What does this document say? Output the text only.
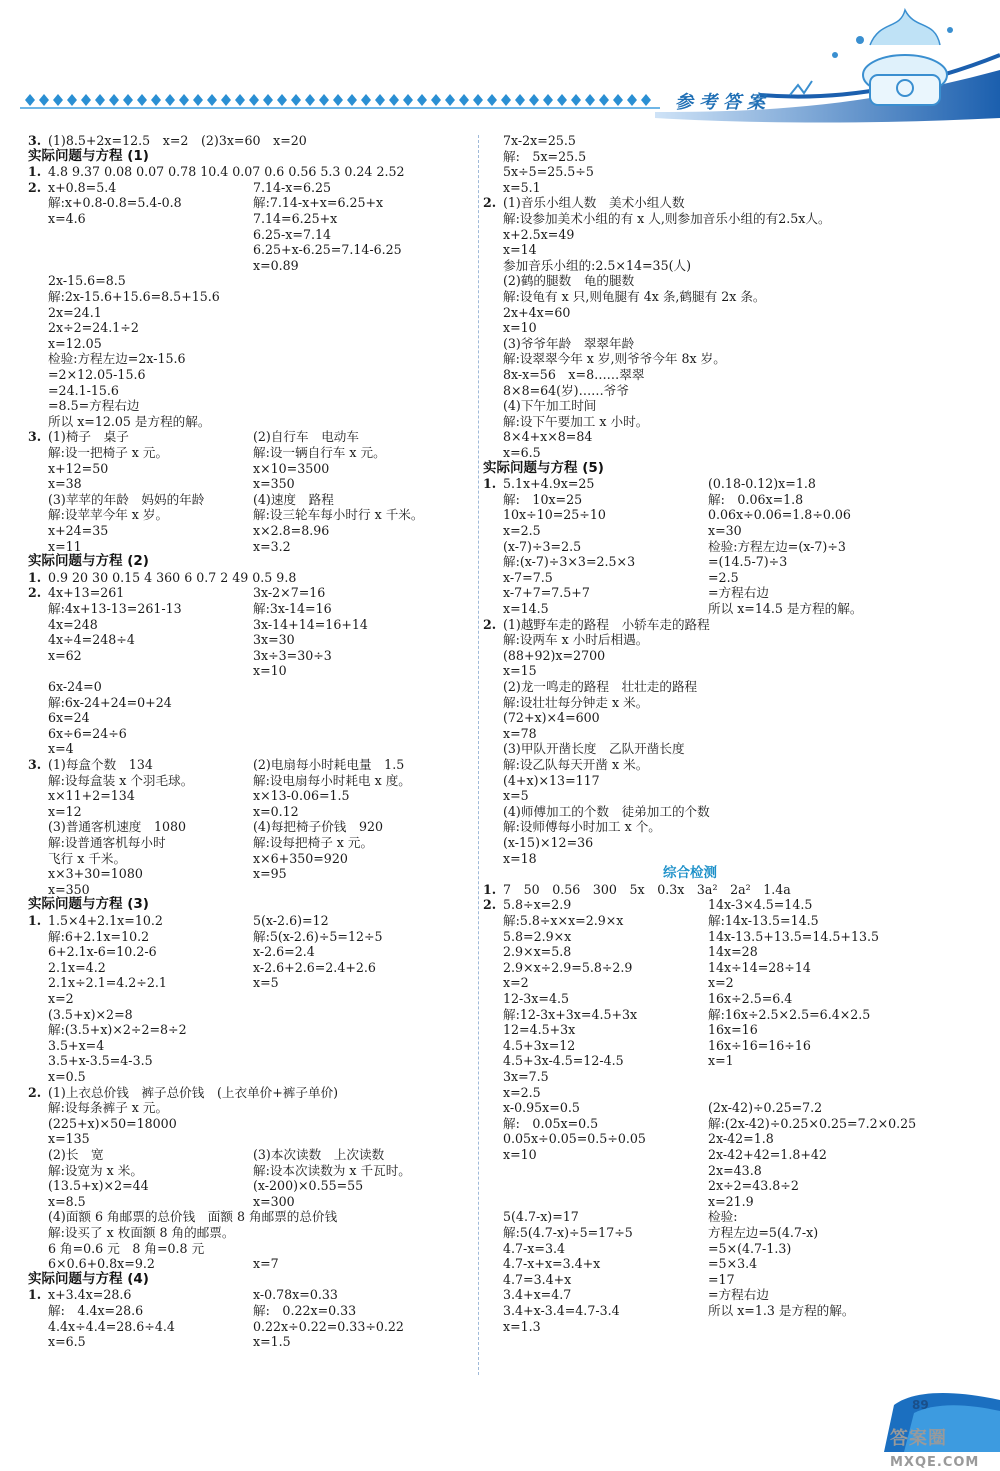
参考答案
3. (1)8.5+2x=12.5　x=2　(2)3x=60　x=20
实际问题与方程 (1)
1. 4.8 9.37 0.08 0.07 0.78 10.4 0.07 0.6 0.56 5.3 0.24 2.52
2. x+0.8=5.4	7.14-x=6.25
解:x+0.8-0.8=5.4-0.8	解:7.14-x+x=6.25+x
x=4.6	7.14=6.25+x
6.25-x=7.14
6.25+x-6.25=7.14-6.25
x=0.89
2x-15.6=8.5
解:2x-15.6+15.6=8.5+15.6
2x=24.1
2x÷2=24.1÷2
x=12.05
检验:方程左边=2x-15.6
=2×12.05-15.6
=24.1-15.6
=8.5=方程右边
所以 x=12.05 是方程的解。
3. (1)椅子　桌子	(2)自行车　电动车
解:设一把椅子 x 元。	解:设一辆自行车 x 元。
x+12=50	x×10=3500
x=38	x=350
(3)苹苹的年龄　妈妈的年龄	(4)速度　路程
解:设苹苹今年 x 岁。	解:设三轮车每小时行 x 千米。
x+24=35	x×2.8=8.96
x=11	x=3.2
实际问题与方程 (2)
1. 0.9 20 30 0.15 4 360 6 0.7 2 49 0.5 9.8
2. 4x+13=261	3x-2×7=16
解:4x+13-13=261-13	解:3x-14=16
4x=248	3x-14+14=16+14
4x÷4=248÷4	3x=30
x=62	3x÷3=30÷3
x=10
6x-24=0
解:6x-24+24=0+24
6x=24
6x÷6=24÷6
x=4
3. (1)每盒个数　134	(2)电扇每小时耗电量　1.5
解:设每盒装 x 个羽毛球。	解:设电扇每小时耗电 x 度。
x×11+2=134	x×13-0.06=1.5
x=12	x=0.12
(3)普通客机速度　1080	(4)每把椅子价钱　920
解:设普通客机每小时	解:设每把椅子 x 元。
飞行 x 千米。	x×6+350=920
x×3+30=1080	x=95
x=350
实际问题与方程 (3)
1. 1.5×4+2.1x=10.2	5(x-2.6)=12
解:6+2.1x=10.2	解:5(x-2.6)÷5=12÷5
6+2.1x-6=10.2-6	x-2.6=2.4
2.1x=4.2	x-2.6+2.6=2.4+2.6
2.1x÷2.1=4.2÷2.1	x=5
x=2
(3.5+x)×2=8
解:(3.5+x)×2÷2=8÷2
3.5+x=4
3.5+x-3.5=4-3.5
x=0.5
2. (1)上衣总价钱　裤子总价钱　(上衣单价+裤子单价)
解:设每条裤子 x 元。
(225+x)×50=18000
x=135
(2)长　宽	(3)本次读数　上次读数
解:设宽为 x 米。	解:设本次读数为 x 千瓦时。
(13.5+x)×2=44	(x-200)×0.55=55
x=8.5	x=300
(4)面额 6 角邮票的总价钱　面额 8 角邮票的总价钱
解:设买了 x 枚面额 8 角的邮票。
6 角=0.6 元　8 角=0.8 元
6×0.6+0.8x=9.2	x=7
实际问题与方程 (4)
1. x+3.4x=28.6	x-0.78x=0.33
解:　4.4x=28.6	解:　0.22x=0.33
4.4x÷4.4=28.6÷4.4	0.22x÷0.22=0.33÷0.22
x=6.5	x=1.5
7x-2x=25.5
解:　5x=25.5
5x÷5=25.5÷5
x=5.1
2. (1)音乐小组人数　美术小组人数
解:设参加美术小组的有 x 人,则参加音乐小组的有2.5x人。
x+2.5x=49
x=14
参加音乐小组的:2.5×14=35(人)
(2)鹤的腿数　龟的腿数
解:设龟有 x 只,则龟腿有 4x 条,鹤腿有 2x 条。
2x+4x=60
x=10
(3)爷爷年龄　翠翠年龄
解:设翠翠今年 x 岁,则爷爷今年 8x 岁。
8x-x=56　x=8……翠翠
8×8=64(岁)……爷爷
(4)下午加工时间
解:设下午要加工 x 小时。
8×4+x×8=84
x=6.5
实际问题与方程 (5)
1. 5.1x+4.9x=25	(0.18-0.12)x=1.8
解:　10x=25	解:　0.06x=1.8
10x÷10=25÷10	0.06x÷0.06=1.8÷0.06
x=2.5	x=30
(x-7)÷3=2.5	检验:方程左边=(x-7)÷3
解:(x-7)÷3×3=2.5×3	=(14.5-7)÷3
x-7=7.5	=2.5
x-7+7=7.5+7	=方程右边
x=14.5	所以 x=14.5 是方程的解。
2. (1)越野车走的路程　小轿车走的路程
解:设两车 x 小时后相遇。
(88+92)x=2700
x=15
(2)龙一鸣走的路程　壮壮走的路程
解:设壮壮每分钟走 x 米。
(72+x)×4=600
x=78
(3)甲队开凿长度　乙队开凿长度
解:设乙队每天开凿 x 米。
(4+x)×13=117
x=5
(4)师傅加工的个数　徒弟加工的个数
解:设师傅每小时加工 x 个。
(x-15)×12=36
x=18
综合检测
1. 7　50　0.56　300　5x　0.3x　3a²　2a²　1.4a
2. 5.8÷x=2.9	14x-3×4.5=14.5
解:5.8÷x×x=2.9×x	解:14x-13.5=14.5
5.8=2.9×x	14x-13.5+13.5=14.5+13.5
2.9×x=5.8	14x=28
2.9×x÷2.9=5.8÷2.9	14x÷14=28÷14
x=2	x=2
12-3x=4.5	16x÷2.5=6.4
解:12-3x+3x=4.5+3x	解:16x÷2.5×2.5=6.4×2.5
12=4.5+3x	16x=16
4.5+3x=12	16x÷16=16÷16
4.5+3x-4.5=12-4.5	x=1
3x=7.5
x=2.5
x-0.95x=0.5	(2x-42)÷0.25=7.2
解:　0.05x=0.5	解:(2x-42)÷0.25×0.25=7.2×0.25
0.05x÷0.05=0.5÷0.05	2x-42=1.8
x=10	2x-42+42=1.8+42
2x=43.8
2x÷2=43.8÷2
x=21.9
5(4.7-x)=17	检验:
解:5(4.7-x)÷5=17÷5	方程左边=5(4.7-x)
4.7-x=3.4	=5×(4.7-1.3)
4.7-x+x=3.4+x	=5×3.4
4.7=3.4+x	=17
3.4+x=4.7	=方程右边
3.4+x-3.4=4.7-3.4	所以 x=1.3 是方程的解。
x=1.3
89
答案圈
MXQE.COM
